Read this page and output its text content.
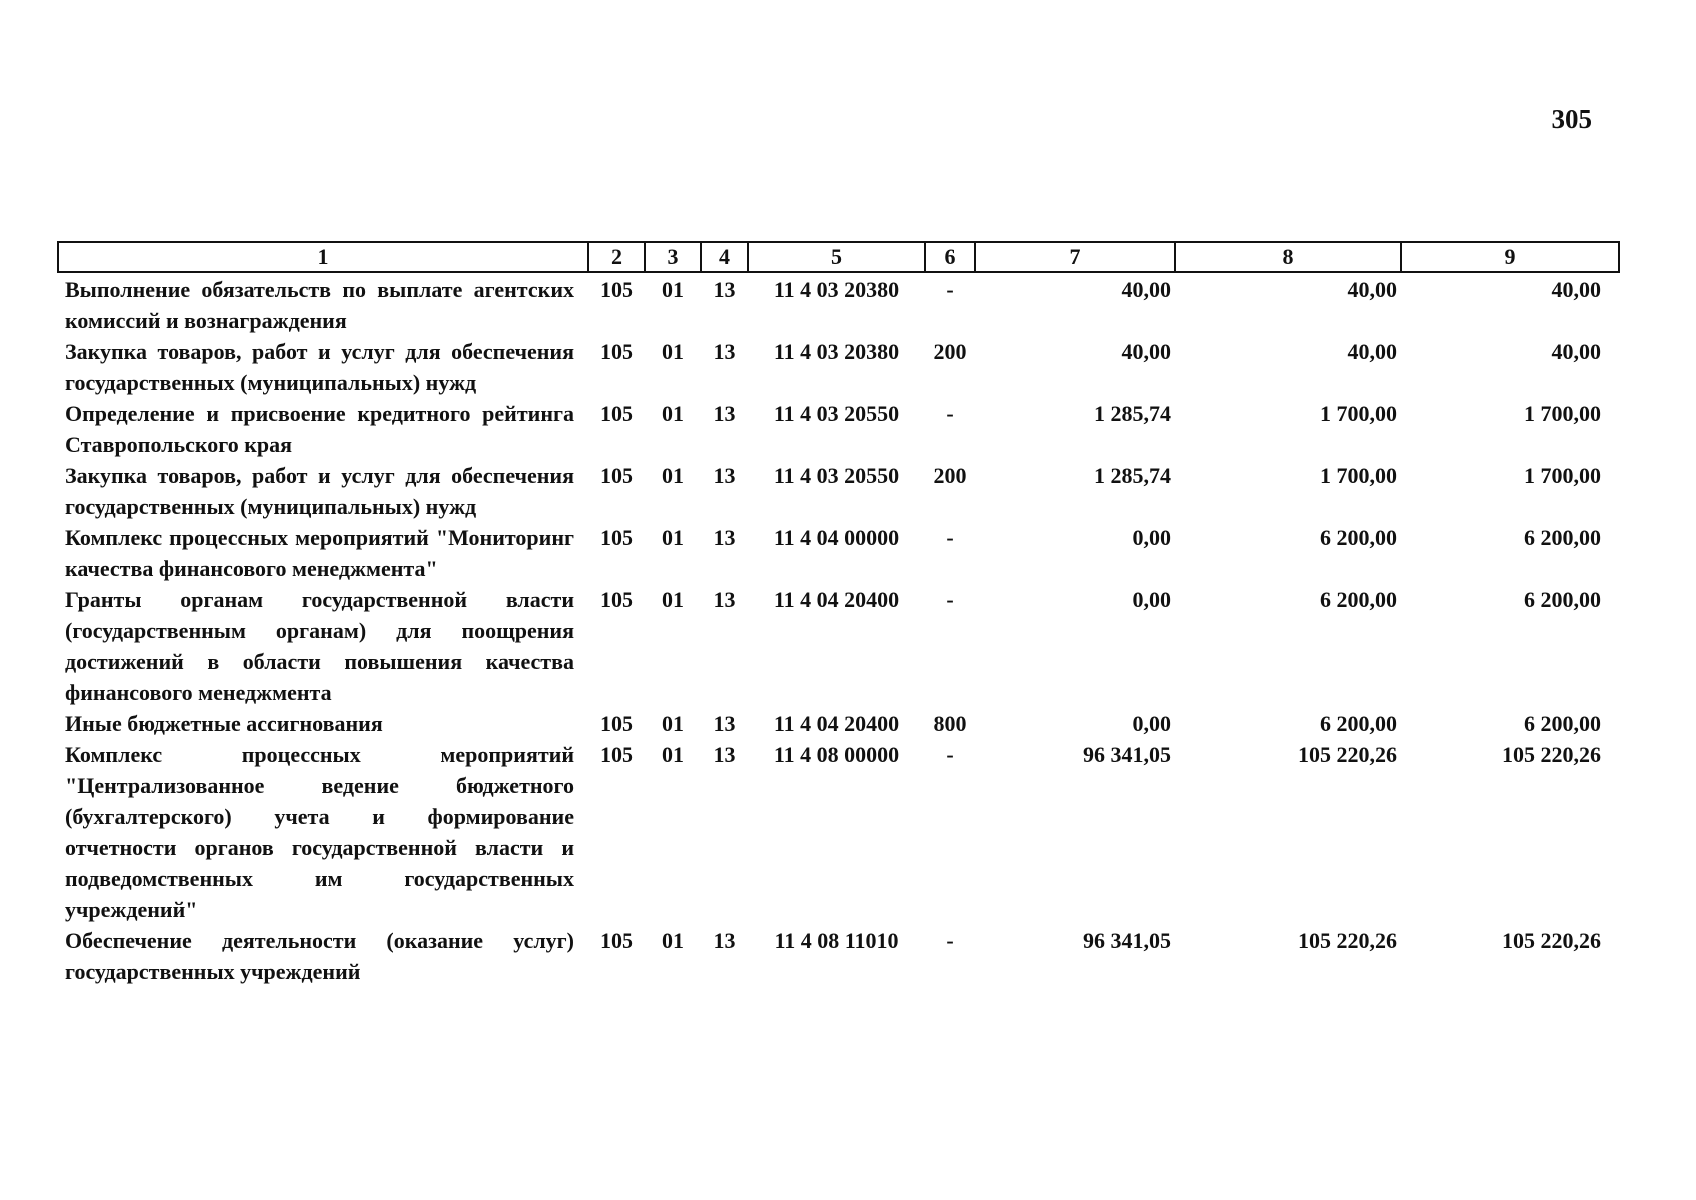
305
1	2	3	4	5	6	7	8	9
Выполнение обязательств по выплате агентских комиссий и вознаграждения	105	01	13	11 4 03 20380	-	40,00	40,00	40,00
Закупка товаров, работ и услуг для обеспечения государственных (муниципальных) нужд	105	01	13	11 4 03 20380	200	40,00	40,00	40,00
Определение и присвоение кредитного рейтинга Ставропольского края	105	01	13	11 4 03 20550	-	1 285,74	1 700,00	1 700,00
Закупка товаров, работ и услуг для обеспечения государственных (муниципальных) нужд	105	01	13	11 4 03 20550	200	1 285,74	1 700,00	1 700,00
Комплекс процессных мероприятий "Мониторинг качества финансового менеджмента"	105	01	13	11 4 04 00000	-	0,00	6 200,00	6 200,00
Гранты органам государственной власти (государственным органам) для поощрения достижений в области повышения качества финансового менеджмента	105	01	13	11 4 04 20400	-	0,00	6 200,00	6 200,00
Иные бюджетные ассигнования	105	01	13	11 4 04 20400	800	0,00	6 200,00	6 200,00
Комплекс процессных мероприятий "Централизованное ведение бюджетного (бухгалтерского) учета и формирование отчетности органов государственной власти и подведомственных им государственных учреждений"	105	01	13	11 4 08 00000	-	96 341,05	105 220,26	105 220,26
Обеспечение деятельности (оказание услуг) государственных учреждений	105	01	13	11 4 08 11010	-	96 341,05	105 220,26	105 220,26
